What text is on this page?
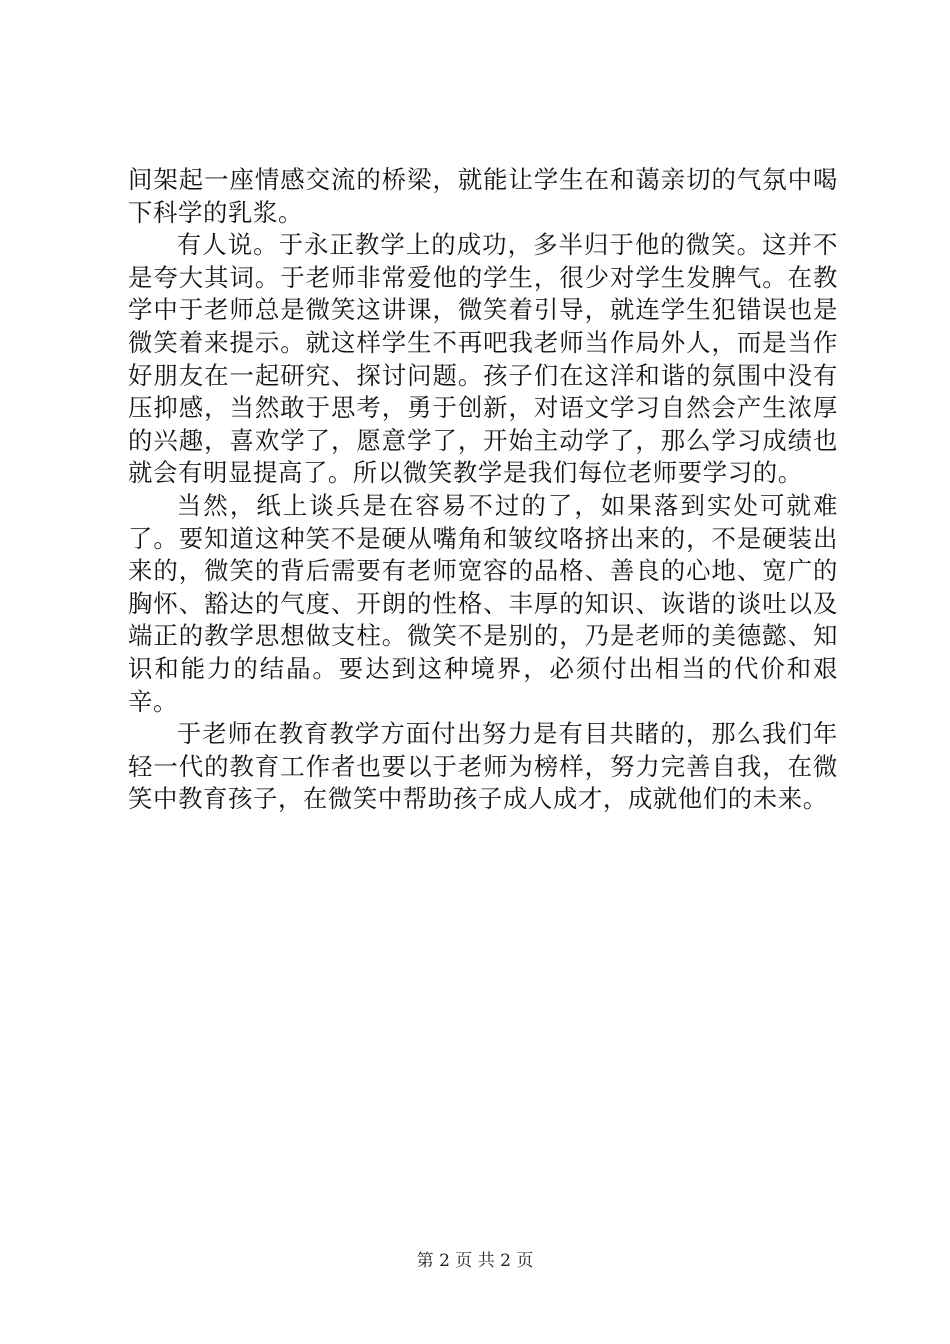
间架起一座情感交流的桥梁，就能让学生在和蔼亲切的气氛中喝下科学的乳浆。

有人说。于永正教学上的成功，多半归于他的微笑。这并不是夸大其词。于老师非常爱他的学生，很少对学生发脾气。在教学中于老师总是微笑这讲课，微笑着引导，就连学生犯错误也是微笑着来提示。就这样学生不再吧我老师当作局外人，而是当作好朋友在一起研究、探讨问题。孩子们在这洋和谐的氛围中没有压抑感，当然敢于思考，勇于创新，对语文学习自然会产生浓厚的兴趣，喜欢学了，愿意学了，开始主动学了，那么学习成绩也就会有明显提高了。所以微笑教学是我们每位老师要学习的。

当然，纸上谈兵是在容易不过的了，如果落到实处可就难了。要知道这种笑不是硬从嘴角和皱纹咯挤出来的，不是硬装出来的，微笑的背后需要有老师宽容的品格、善良的心地、宽广的胸怀、豁达的气度、开朗的性格、丰厚的知识、诙谐的谈吐以及端正的教学思想做支柱。微笑不是别的，乃是老师的美德懿、知识和能力的结晶。要达到这种境界，必须付出相当的代价和艰辛。

于老师在教育教学方面付出努力是有目共睹的，那么我们年轻一代的教育工作者也要以于老师为榜样，努力完善自我，在微笑中教育孩子，在微笑中帮助孩子成人成才，成就他们的未来。

第 2 页 共 2 页
